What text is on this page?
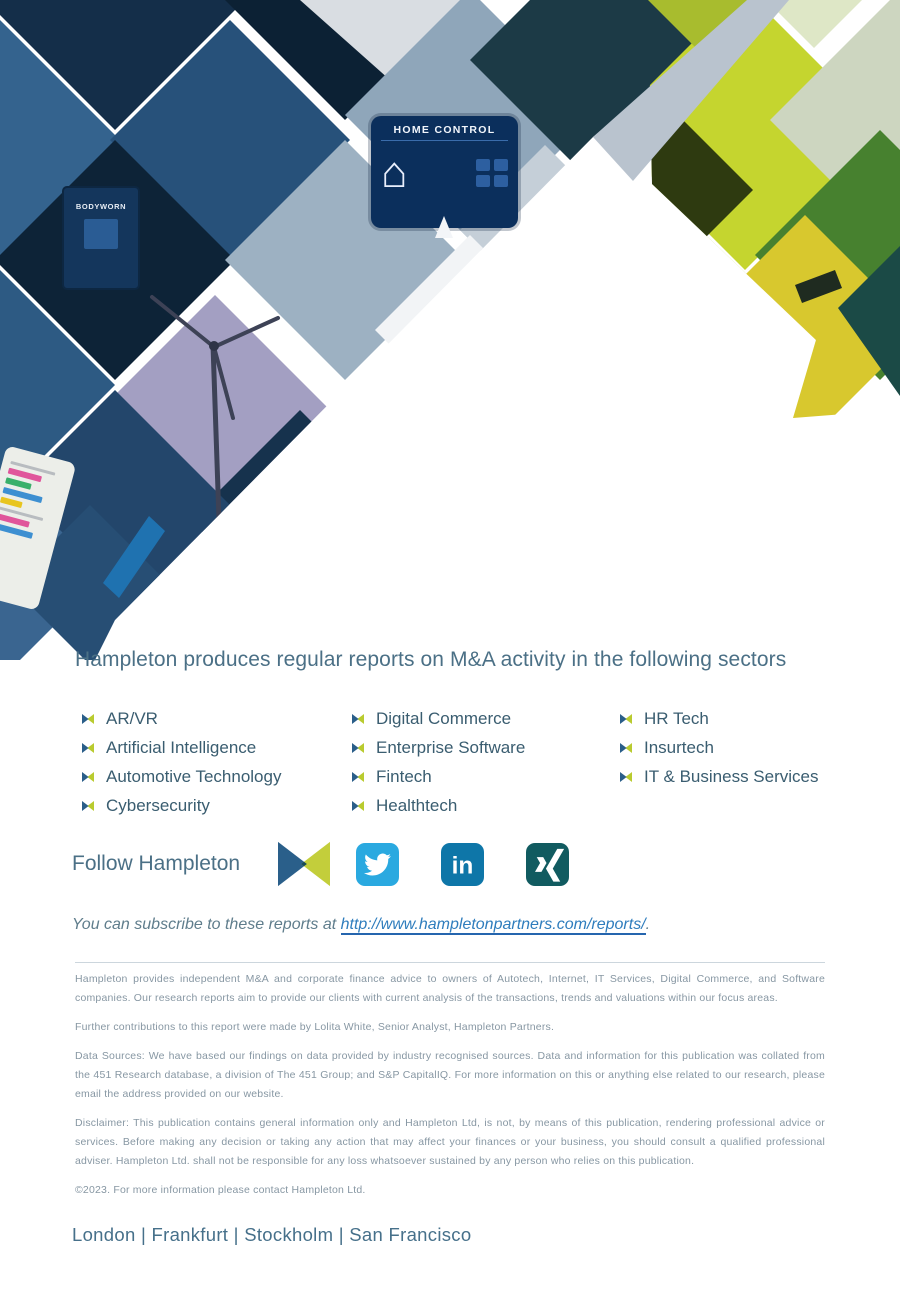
HOME CONTROL
⌂
BODYWORN
Hampleton produces regular reports on M&A activity in the following sectors
AR/VR
Artificial Intelligence
Automotive Technology
Cybersecurity
Digital Commerce
Enterprise Software
Fintech
Healthtech
HR Tech
Insurtech
IT & Business Services
Follow Hampleton	in

You can subscribe to these reports at http://www.hampletonpartners.com/reports/.

Hampleton provides independent M&A and corporate finance advice to owners of Autotech, Internet, IT Services, Digital Commerce, and Software companies. Our research reports aim to provide our clients with current analysis of the transactions, trends and valuations within our focus areas.

Further contributions to this report were made by Lolita White, Senior Analyst, Hampleton Partners.

Data Sources: We have based our findings on data provided by industry recognised sources. Data and information for this publication was collated from the 451 Research database, a division of The 451 Group; and S&P CapitalIQ. For more information on this or anything else related to our research, please email the address provided on our website.

Disclaimer: This publication contains general information only and Hampleton Ltd, is not, by means of this publication, rendering professional advice or services. Before making any decision or taking any action that may affect your finances or your business, you should consult a qualified professional adviser. Hampleton Ltd. shall not be responsible for any loss whatsoever sustained by any person who relies on this publication.

©2023. For more information please contact Hampleton Ltd.

London | Frankfurt | Stockholm | San Francisco
